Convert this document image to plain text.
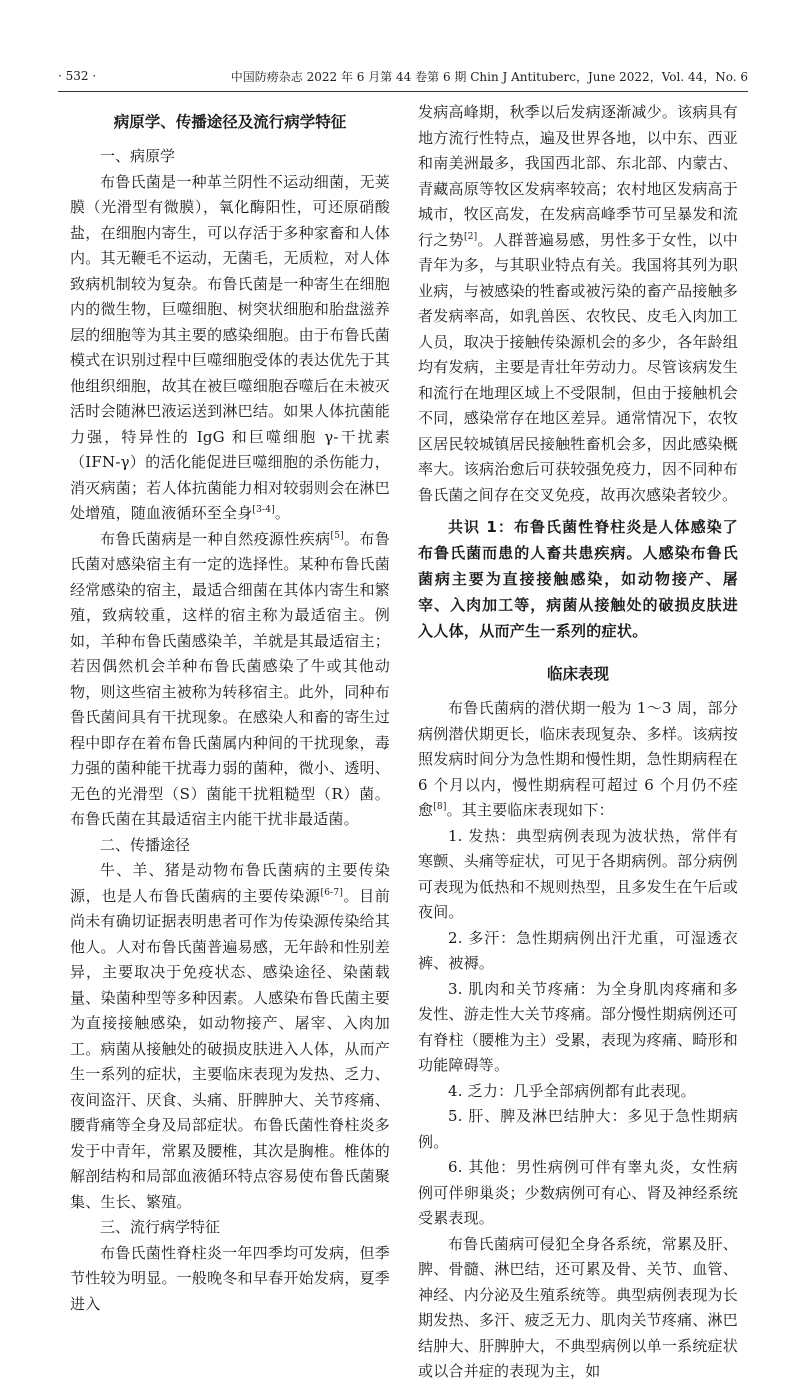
· 532 ·	中国防痨杂志 2022 年 6 月第 44 卷第 6 期 Chin J Antituberc，June 2022，Vol. 44，No. 6
病原学、传播途径及流行病学特征
一、病原学

布鲁氏菌是一种革兰阴性不运动细菌，无荚膜（光滑型有微膜），氧化酶阳性，可还原硝酸盐，在细胞内寄生，可以存活于多种家畜和人体内。其无鞭毛不运动，无菌毛，无质粒，对人体致病机制较为复杂。布鲁氏菌是一种寄生在细胞内的微生物，巨噬细胞、树突状细胞和胎盘滋养层的细胞等为其主要的感染细胞。由于布鲁氏菌模式在识别过程中巨噬细胞受体的表达优先于其他组织细胞，故其在被巨噬细胞吞噬后在未被灭活时会随淋巴液运送到淋巴结。如果人体抗菌能力强，特异性的 IgG 和巨噬细胞 γ-干扰素（IFN-γ）的活化能促进巨噬细胞的杀伤能力，消灭病菌；若人体抗菌能力相对较弱则会在淋巴处增殖，随血液循环至全身[3-4]。

布鲁氏菌病是一种自然疫源性疾病[5]。布鲁氏菌对感染宿主有一定的选择性。某种布鲁氏菌经常感染的宿主，最适合细菌在其体内寄生和繁殖，致病较重，这样的宿主称为最适宿主。例如，羊种布鲁氏菌感染羊，羊就是其最适宿主；若因偶然机会羊种布鲁氏菌感染了牛或其他动物，则这些宿主被称为转移宿主。此外，同种布鲁氏菌间具有干扰现象。在感染人和畜的寄生过程中即存在着布鲁氏菌属内种间的干扰现象，毒力强的菌种能干扰毒力弱的菌种，微小、透明、无色的光滑型（S）菌能干扰粗糙型（R）菌。布鲁氏菌在其最适宿主内能干扰非最适菌。

二、传播途径

牛、羊、猪是动物布鲁氏菌病的主要传染源，也是人布鲁氏菌病的主要传染源[6-7]。目前尚未有确切证据表明患者可作为传染源传染给其他人。人对布鲁氏菌普遍易感，无年龄和性别差异，主要取决于免疫状态、感染途径、染菌载量、染菌种型等多种因素。人感染布鲁氏菌主要为直接接触感染，如动物接产、屠宰、入肉加工。病菌从接触处的破损皮肤进入人体，从而产生一系列的症状，主要临床表现为发热、乏力、夜间盗汗、厌食、头痛、肝脾肿大、关节疼痛、腰背痛等全身及局部症状。布鲁氏菌性脊柱炎多发于中青年，常累及腰椎，其次是胸椎。椎体的解剖结构和局部血液循环特点容易使布鲁氏菌聚集、生长、繁殖。

三、流行病学特征

布鲁氏菌性脊柱炎一年四季均可发病，但季节性较为明显。一般晚冬和早春开始发病，夏季进入

发病高峰期，秋季以后发病逐渐减少。该病具有地方流行性特点，遍及世界各地，以中东、西亚和南美洲最多，我国西北部、东北部、内蒙古、青藏高原等牧区发病率较高；农村地区发病高于城市，牧区高发，在发病高峰季节可呈暴发和流行之势[2]。人群普遍易感，男性多于女性，以中青年为多，与其职业特点有关。我国将其列为职业病，与被感染的牲畜或被污染的畜产品接触多者发病率高，如乳兽医、农牧民、皮毛入肉加工人员，取决于接触传染源机会的多少，各年龄组均有发病，主要是青壮年劳动力。尽管该病发生和流行在地理区域上不受限制，但由于接触机会不同，感染常存在地区差异。通常情况下，农牧区居民较城镇居民接触牲畜机会多，因此感染概率大。该病治愈后可获较强免疫力，因不同种布鲁氏菌之间存在交叉免疫，故再次感染者较少。

共识 1：布鲁氏菌性脊柱炎是人体感染了布鲁氏菌而患的人畜共患疾病。人感染布鲁氏菌病主要为直接接触感染，如动物接产、屠宰、入肉加工等，病菌从接触处的破损皮肤进入人体，从而产生一系列的症状。

临床表现

布鲁氏菌病的潜伏期一般为 1～3 周，部分病例潜伏期更长，临床表现复杂、多样。该病按照发病时间分为急性期和慢性期，急性期病程在 6 个月以内，慢性期病程可超过 6 个月仍不痊愈[8]。其主要临床表现如下：

1. 发热：典型病例表现为波状热，常伴有寒颤、头痛等症状，可见于各期病例。部分病例可表现为低热和不规则热型，且多发生在午后或夜间。

2. 多汗：急性期病例出汗尤重，可湿透衣裤、被褥。

3. 肌肉和关节疼痛：为全身肌肉疼痛和多发性、游走性大关节疼痛。部分慢性期病例还可有脊柱（腰椎为主）受累，表现为疼痛、畸形和功能障碍等。

4. 乏力：几乎全部病例都有此表现。

5. 肝、脾及淋巴结肿大：多见于急性期病例。

6. 其他：男性病例可伴有睾丸炎，女性病例可伴卵巢炎；少数病例可有心、肾及神经系统受累表现。

布鲁氏菌病可侵犯全身各系统，常累及肝、脾、骨髓、淋巴结，还可累及骨、关节、血管、神经、内分泌及生殖系统等。典型病例表现为长期发热、多汗、疲乏无力、肌肉关节疼痛、淋巴结肿大、肝脾肿大，不典型病例以单一系统症状或以合并症的表现为主，如
